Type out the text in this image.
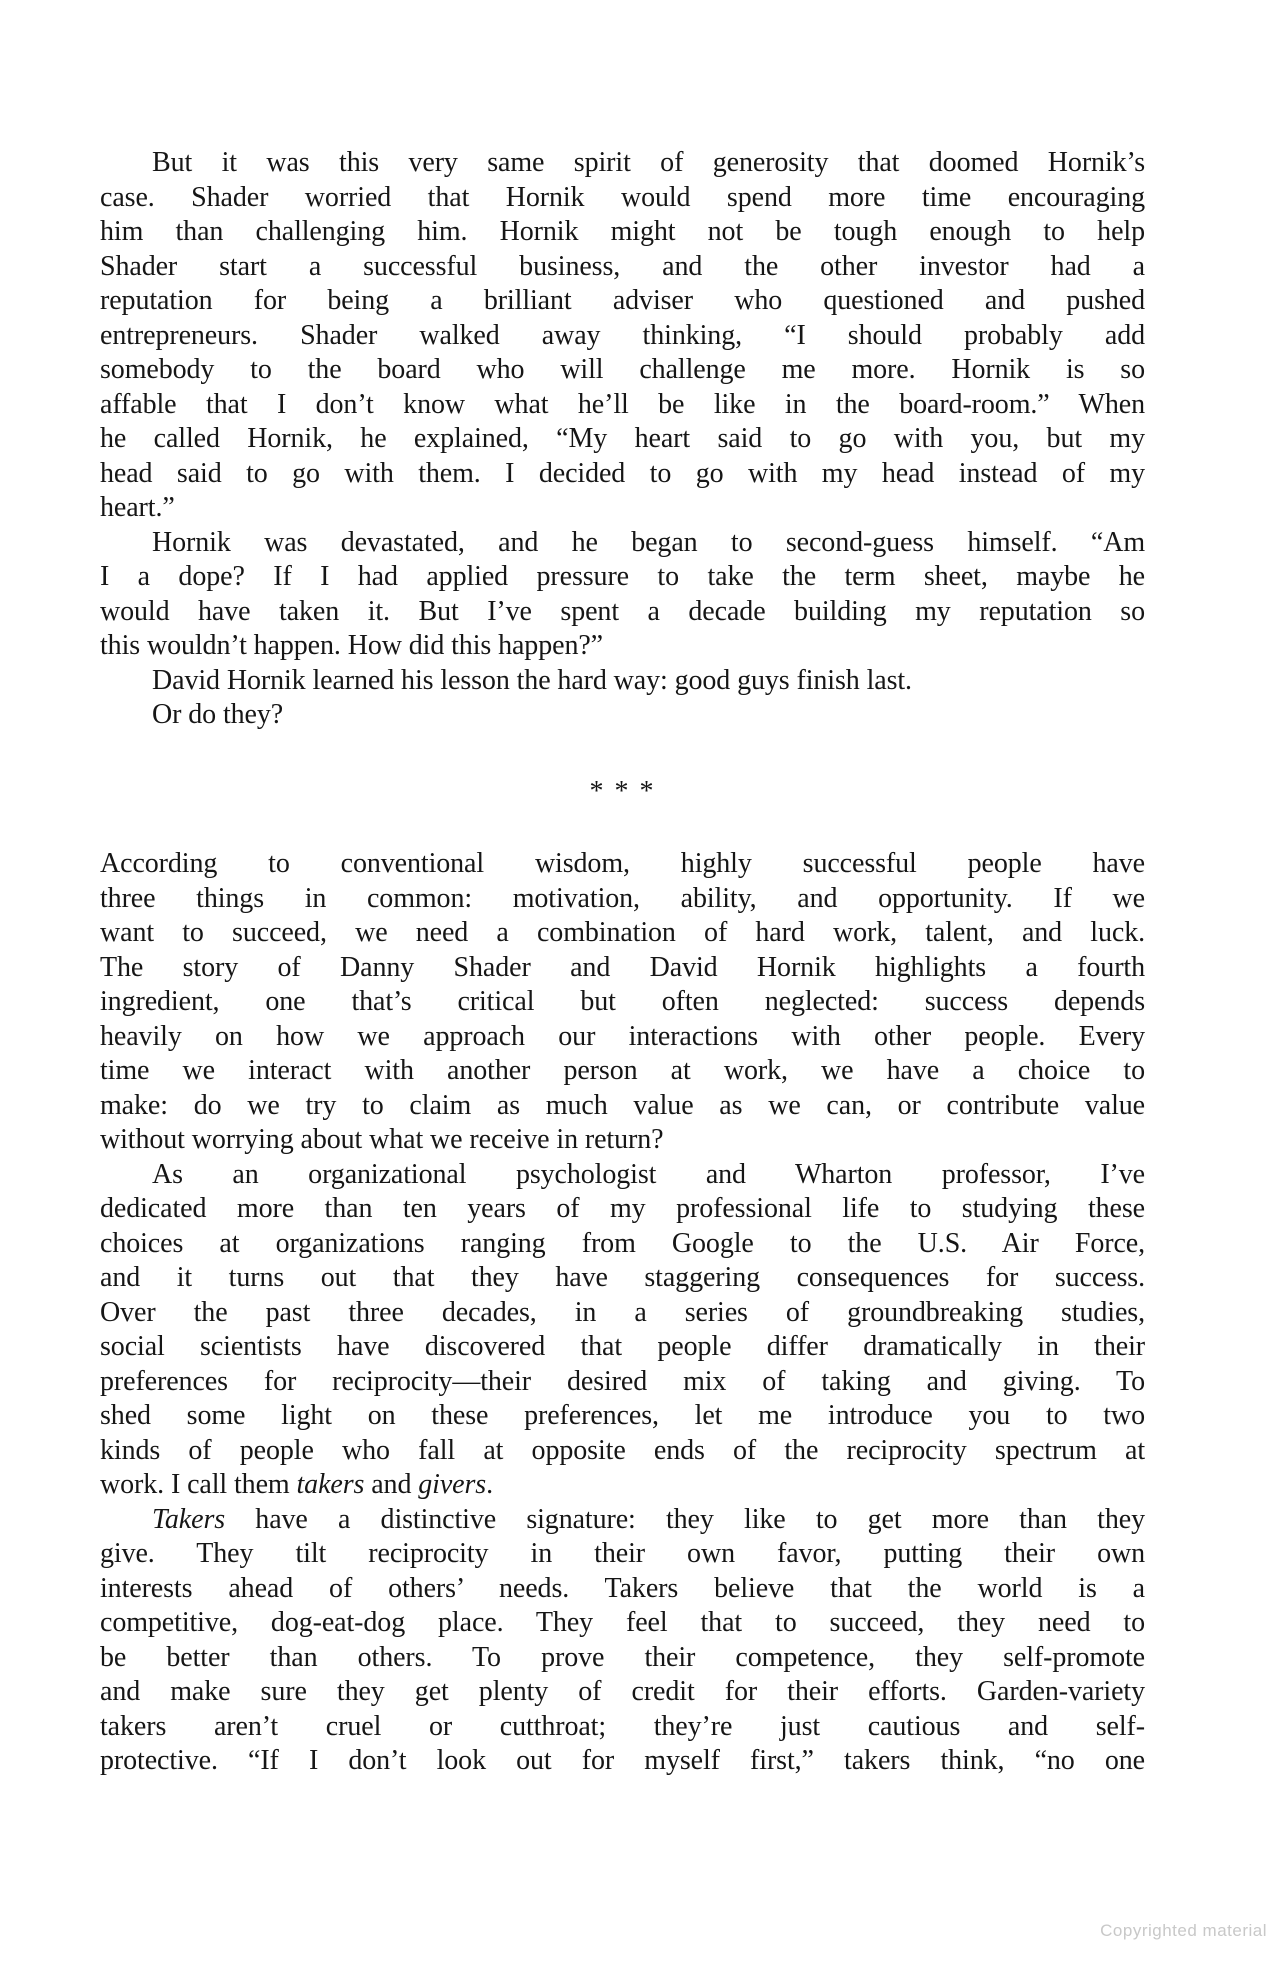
But it was this very same spirit of generosity that doomed Hornik’s
case. Shader worried that Hornik would spend more time encouraging
him than challenging him. Hornik might not be tough enough to help
Shader start a successful business, and the other investor had a
reputation for being a brilliant adviser who questioned and pushed
entrepreneurs. Shader walked away thinking, “I should probably add
somebody to the board who will challenge me more. Hornik is so
affable that I don’t know what he’ll be like in the board-room.” When
he called Hornik, he explained, “My heart said to go with you, but my
head said to go with them. I decided to go with my head instead of my
heart.”
Hornik was devastated, and he began to second-guess himself. “Am
I a dope? If I had applied pressure to take the term sheet, maybe he
would have taken it. But I’ve spent a decade building my reputation so
this wouldn’t happen. How did this happen?”
David Hornik learned his lesson the hard way: good guys finish last.
Or do they?
* * *
According to conventional wisdom, highly successful people have
three things in common: motivation, ability, and opportunity. If we
want to succeed, we need a combination of hard work, talent, and luck.
The story of Danny Shader and David Hornik highlights a fourth
ingredient, one that’s critical but often neglected: success depends
heavily on how we approach our interactions with other people. Every
time we interact with another person at work, we have a choice to
make: do we try to claim as much value as we can, or contribute value
without worrying about what we receive in return?
As an organizational psychologist and Wharton professor, I’ve
dedicated more than ten years of my professional life to studying these
choices at organizations ranging from Google to the U.S. Air Force,
and it turns out that they have staggering consequences for success.
Over the past three decades, in a series of groundbreaking studies,
social scientists have discovered that people differ dramatically in their
preferences for reciprocity—their desired mix of taking and giving. To
shed some light on these preferences, let me introduce you to two
kinds of people who fall at opposite ends of the reciprocity spectrum at
work. I call them takers and givers.
Takers have a distinctive signature: they like to get more than they
give. They tilt reciprocity in their own favor, putting their own
interests ahead of others’ needs. Takers believe that the world is a
competitive, dog-eat-dog place. They feel that to succeed, they need to
be better than others. To prove their competence, they self-promote
and make sure they get plenty of credit for their efforts. Garden-variety
takers aren’t cruel or cutthroat; they’re just cautious and self-
protective. “If I don’t look out for myself first,” takers think, “no one
Copyrighted material
